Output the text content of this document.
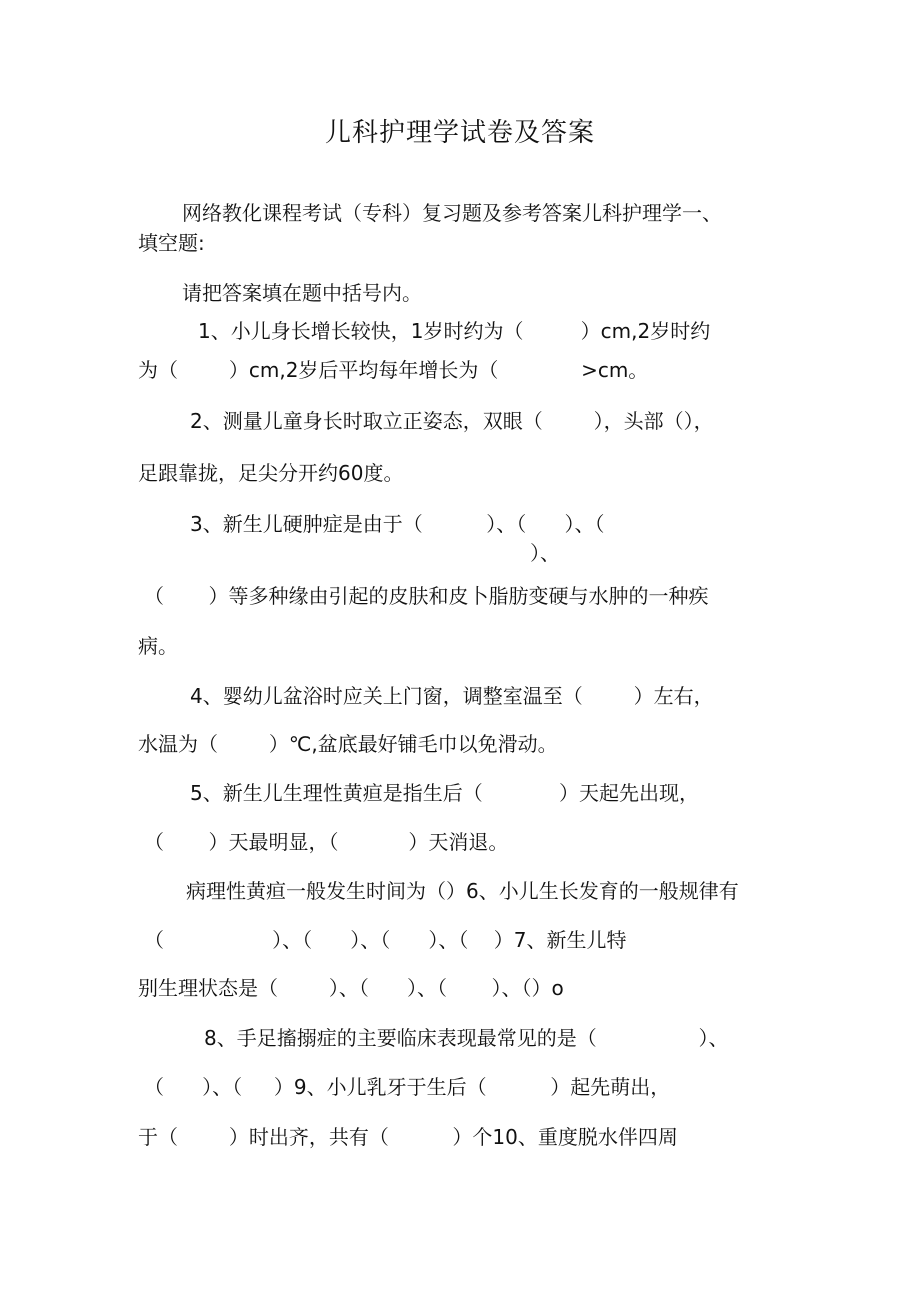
儿科护理学试卷及答案
网络教化课程考试（专科）复习题及参考答案儿科护理学一、
填空题:
请把答案填在题中括号内。
1、小儿身长增长较快，1岁时约为（         ）cm,2岁时约
为（        ）cm,2岁后平均每年增长为（             >cm。
2、测量儿童身长时取立正姿态，双眼（        ），头部（），
足跟靠拢，足尖分开约60度。
3、新生儿硬肿症是由于（          ）、（      ）、（
）、
（       ）等多种缘由引起的皮肤和皮卜脂肪变硬与水肿的一种疾
病。
4、婴幼儿盆浴时应关上门窗，调整室温至（        ）左右，
水温为（        ）℃,盆底最好铺毛巾以免滑动。
5、新生儿生理性黄疸是指生后（            ）天起先出现，
（       ）天最明显，（           ）天消退。
病理性黄疸一般发生时间为（）6、小儿生长发育的一般规律有
（                 ）、（      ）、（      ）、（    ）7、新生儿特
别生理状态是（        ）、（      ）、（       ）、（）o
8、手足搐搦症的主要临床表现最常见的是（                ）、
（      ）、（     ）9、小儿乳牙于生后（          ）起先萌出，
于（        ）时出齐，共有（          ）个10、重度脱水伴四周
